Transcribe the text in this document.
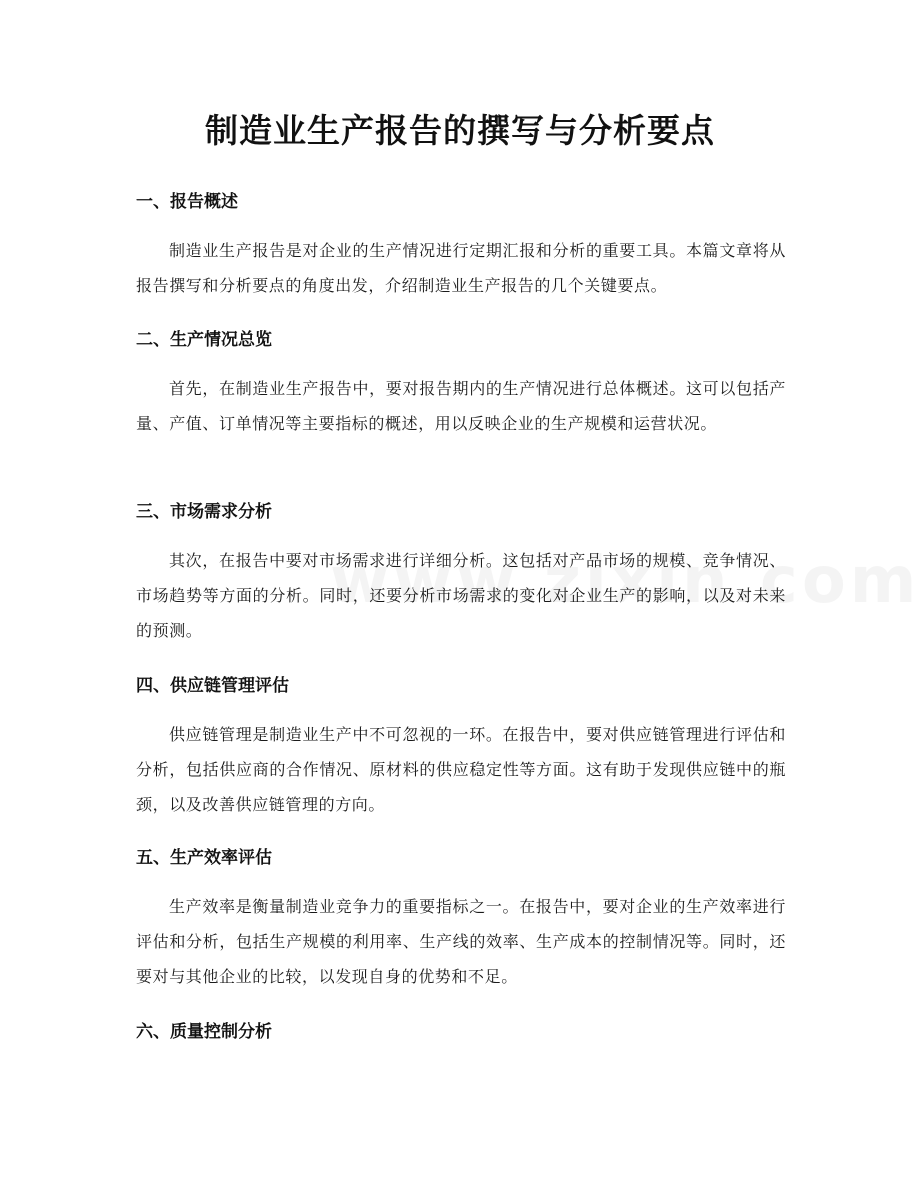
制造业生产报告的撰写与分析要点
一、报告概述

制造业生产报告是对企业的生产情况进行定期汇报和分析的重要工具。本篇文章将从报告撰写和分析要点的角度出发，介绍制造业生产报告的几个关键要点。

二、生产情况总览

首先，在制造业生产报告中，要对报告期内的生产情况进行总体概述。这可以包括产量、产值、订单情况等主要指标的概述，用以反映企业的生产规模和运营状况。

三、市场需求分析

其次，在报告中要对市场需求进行详细分析。这包括对产品市场的规模、竞争情况、市场趋势等方面的分析。同时，还要分析市场需求的变化对企业生产的影响，以及对未来的预测。

四、供应链管理评估

供应链管理是制造业生产中不可忽视的一环。在报告中，要对供应链管理进行评估和分析，包括供应商的合作情况、原材料的供应稳定性等方面。这有助于发现供应链中的瓶颈，以及改善供应链管理的方向。

五、生产效率评估

生产效率是衡量制造业竞争力的重要指标之一。在报告中，要对企业的生产效率进行评估和分析，包括生产规模的利用率、生产线的效率、生产成本的控制情况等。同时，还要对与其他企业的比较，以发现自身的优势和不足。

六、质量控制分析
